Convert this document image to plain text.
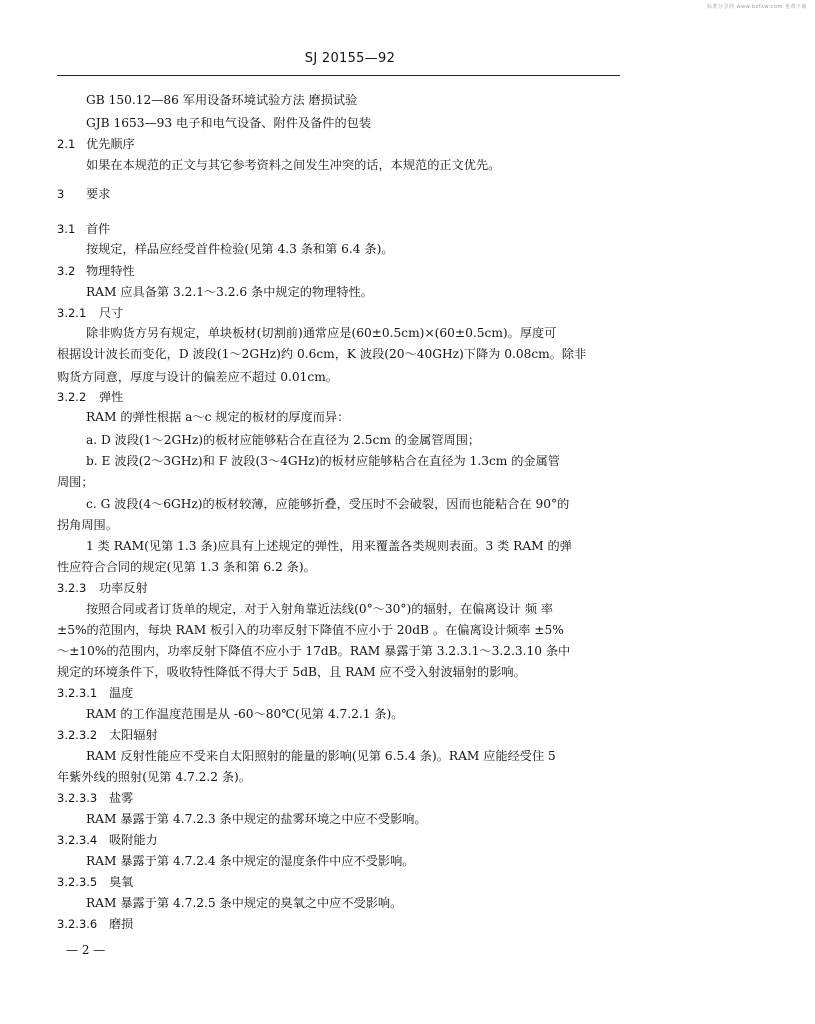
标准分享网 www.bzfxw.com 免费下载
SJ 20155—92
GB 150.12—86 军用设备环境试验方法 磨损试验
GJB 1653—93 电子和电气设备、附件及备件的包装
2.1 优先顺序
如果在本规范的正文与其它参考资料之间发生冲突的话，本规范的正文优先。
3 要求
3.1 首件
按规定，样品应经受首件检验(见第 4.3 条和第 6.4 条)。
3.2 物理特性
RAM 应具备第 3.2.1～3.2.6 条中规定的物理特性。
3.2.1 尺寸
除非购货方另有规定，单块板材(切割前)通常应是(60±0.5cm)×(60±0.5cm)。厚度可
根据设计波长而变化，D 波段(1～2GHz)约 0.6cm，K 波段(20～40GHz)下降为 0.08cm。除非
购货方同意，厚度与设计的偏差应不超过 0.01cm。
3.2.2 弹性
RAM 的弹性根据 a～c 规定的板材的厚度而异：
a. D 波段(1～2GHz)的板材应能够粘合在直径为 2.5cm 的金属管周围；
b. E 波段(2～3GHz)和 F 波段(3～4GHz)的板材应能够粘合在直径为 1.3cm 的金属管
周围；
c. G 波段(4～6GHz)的板材较薄，应能够折叠，受压时不会破裂，因而也能粘合在 90°的
拐角周围。
1 类 RAM(见第 1.3 条)应具有上述规定的弹性，用来覆盖各类规则表面。3 类 RAM 的弹
性应符合合同的规定(见第 1.3 条和第 6.2 条)。
3.2.3 功率反射
按照合同或者订货单的规定，对于入射角靠近法线(0°～30°)的辐射，在偏离设计 频 率
±5%的范围内，每块 RAM 板引入的功率反射下降值不应小于 20dB 。在偏离设计频率 ±5%
～±10%的范围内，功率反射下降值不应小于 17dB。RAM 暴露于第 3.2.3.1～3.2.3.10 条中
规定的环境条件下，吸收特性降低不得大于 5dB，且 RAM 应不受入射波辐射的影响。
3.2.3.1 温度
RAM 的工作温度范围是从 -60～80℃(见第 4.7.2.1 条)。
3.2.3.2 太阳辐射
RAM 反射性能应不受来自太阳照射的能量的影响(见第 6.5.4 条)。RAM 应能经受住 5
年紫外线的照射(见第 4.7.2.2 条)。
3.2.3.3 盐雾
RAM 暴露于第 4.7.2.3 条中规定的盐雾环境之中应不受影响。
3.2.3.4 吸附能力
RAM 暴露于第 4.7.2.4 条中规定的湿度条件中应不受影响。
3.2.3.5 臭氧
RAM 暴露于第 4.7.2.5 条中规定的臭氧之中应不受影响。
3.2.3.6 磨损
— 2 —
